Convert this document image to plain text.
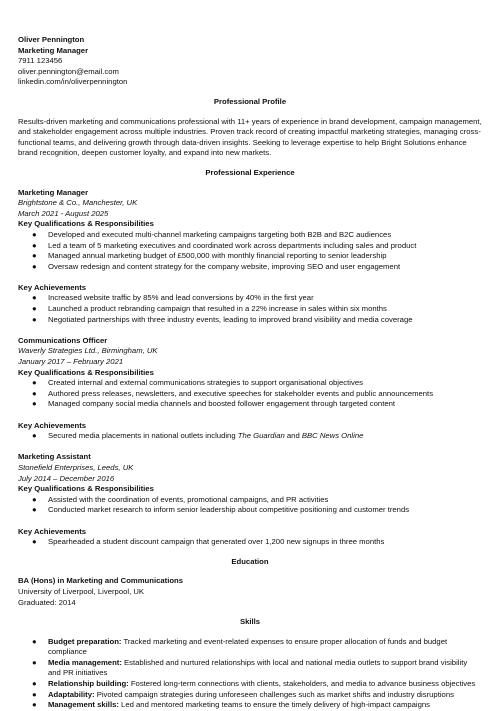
Oliver Pennington
Marketing Manager
7911 123456
oliver.pennington@email.com
linkedin.com/in/oliverpennington
Professional Profile

Results-driven marketing and communications professional with 11+ years of experience in brand development, campaign management, and stakeholder engagement across multiple industries. Proven track record of creating impactful marketing strategies, managing cross-functional teams, and delivering growth through data-driven insights. Seeking to leverage expertise to help Bright Solutions enhance brand recognition, deepen customer loyalty, and expand into new markets.

Professional Experience
Marketing Manager
Brightstone & Co., Manchester, UK
March 2021 - August 2025
Key Qualifications & Responsibilities
● Developed and executed multi-channel marketing campaigns targeting both B2B and B2C audiences
● Led a team of 5 marketing executives and coordinated work across departments including sales and product
● Managed annual marketing budget of £500,000 with monthly financial reporting to senior leadership
● Oversaw redesign and content strategy for the company website, improving SEO and user engagement
Key Achievements
● Increased website traffic by 85% and lead conversions by 40% in the first year
● Launched a product rebranding campaign that resulted in a 22% increase in sales within six months
● Negotiated partnerships with three industry events, leading to improved brand visibility and media coverage
Communications Officer
Waverly Strategies Ltd., Birmingham, UK
January 2017 – February 2021
Key Qualifications & Responsibilities
● Created internal and external communications strategies to support organisational objectives
● Authored press releases, newsletters, and executive speeches for stakeholder events and public announcements
● Managed company social media channels and boosted follower engagement through targeted content
Key Achievements
● Secured media placements in national outlets including The Guardian and BBC News Online
Marketing Assistant
Stonefield Enterprises, Leeds, UK
July 2014 – December 2016
Key Qualifications & Responsibilities
● Assisted with the coordination of events, promotional campaigns, and PR activities
● Conducted market research to inform senior leadership about competitive positioning and customer trends
Key Achievements
● Spearheaded a student discount campaign that generated over 1,200 new signups in three months
Education
BA (Hons) in Marketing and Communications
University of Liverpool, Liverpool, UK
Graduated: 2014
Skills
● Budget preparation: Tracked marketing and event-related expenses to ensure proper allocation of funds and budget compliance
● Media management: Established and nurtured relationships with local and national media outlets to support brand visibility and PR initiatives
● Relationship building: Fostered long-term connections with clients, stakeholders, and media to advance business objectives
● Adaptability: Pivoted campaign strategies during unforeseen challenges such as market shifts and industry disruptions
● Management skills: Led and mentored marketing teams to ensure the timely delivery of high-impact campaigns
